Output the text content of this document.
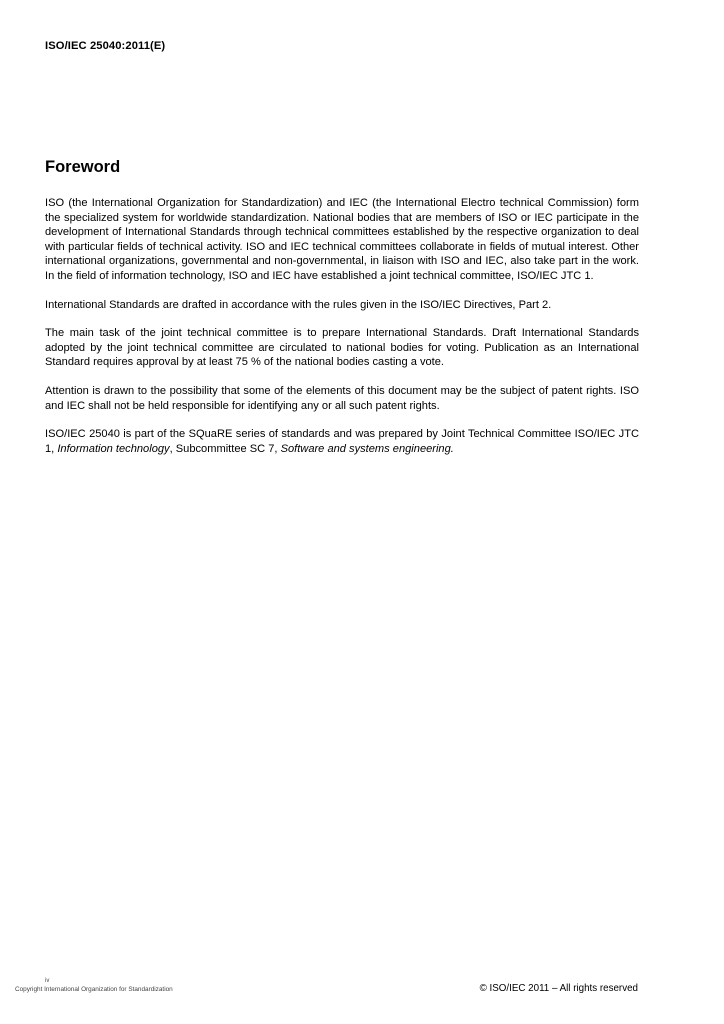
ISO/IEC 25040:2011(E)
Foreword

ISO (the International Organization for Standardization) and IEC (the International Electro technical Commission) form the specialized system for worldwide standardization. National bodies that are members of ISO or IEC participate in the development of International Standards through technical committees established by the respective organization to deal with particular fields of technical activity. ISO and IEC technical committees collaborate in fields of mutual interest. Other international organizations, governmental and non-governmental, in liaison with ISO and IEC, also take part in the work. In the field of information technology, ISO and IEC have established a joint technical committee, ISO/IEC JTC 1.

International Standards are drafted in accordance with the rules given in the ISO/IEC Directives, Part 2.

The main task of the joint technical committee is to prepare International Standards. Draft International Standards adopted by the joint technical committee are circulated to national bodies for voting. Publication as an International Standard requires approval by at least 75 % of the national bodies casting a vote.

Attention is drawn to the possibility that some of the elements of this document may be the subject of patent rights. ISO and IEC shall not be held responsible for identifying any or all such patent rights.

ISO/IEC 25040 is part of the SQuaRE series of standards and was prepared by Joint Technical Committee ISO/IEC JTC 1, Information technology, Subcommittee SC 7, Software and systems engineering.

iv
Copyright International Organization for Standardization	© ISO/IEC 2011 – All rights reserved
